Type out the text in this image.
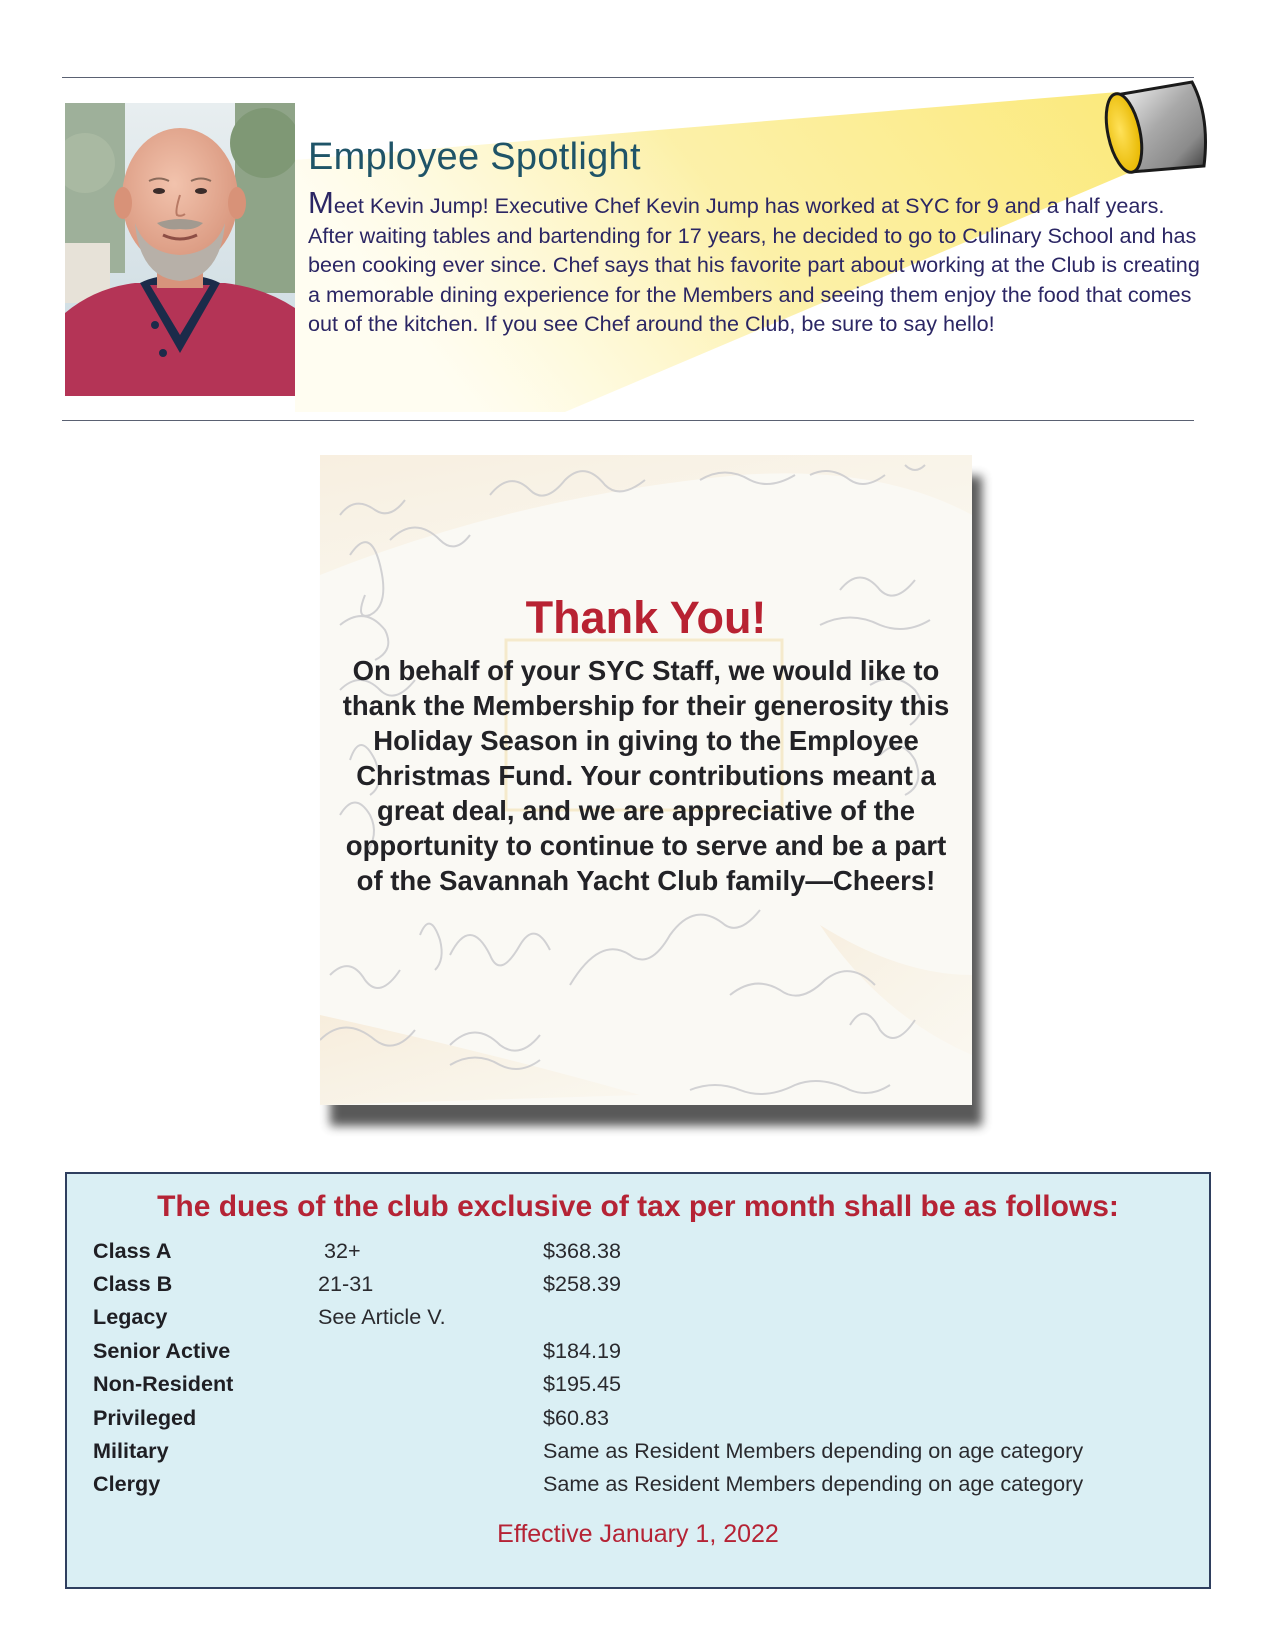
Employee Spotlight
Meet Kevin Jump! Executive Chef Kevin Jump has worked at SYC for 9 and a half years. After waiting tables and bartending for 17 years, he decided to go to Culinary School and has been cooking ever since. Chef says that his favorite part about working at the Club is creating a memorable dining experience for the Members and seeing them enjoy the food that comes out of the kitchen. If you see Chef around the Club, be sure to say hello!
Thank You!
On behalf of your SYC Staff, we would like to thank the Membership for their generosity this Holiday Season in giving to the Employee Christmas Fund. Your contributions meant a great deal, and we are appreciative of the opportunity to continue to serve and be a part of the Savannah Yacht Club family—Cheers!
The dues of the club exclusive of tax per month shall be as follows:
Class A	32+	$368.38
Class B	21-31	$258.39
Legacy	See Article V.	
Senior Active		$184.19
Non-Resident		$195.45
Privileged		$60.83
Military		Same as Resident Members depending on age category
Clergy		Same as Resident Members depending on age category
Effective January 1, 2022
